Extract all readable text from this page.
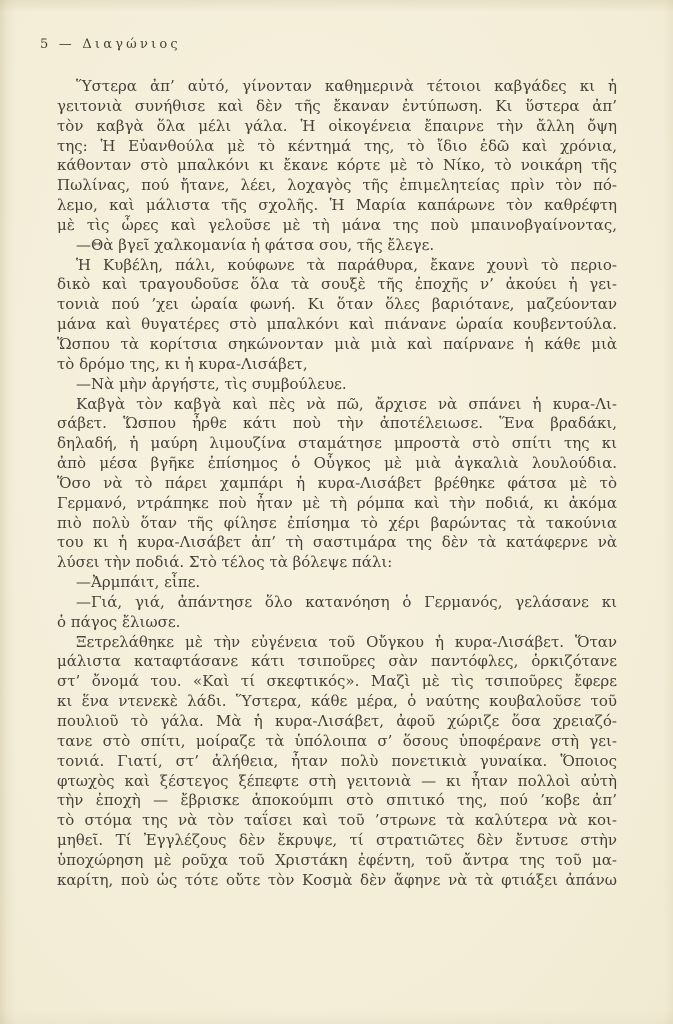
5 — Διαγώνιος
Ὕστερα ἀπ’ αὐτό, γίνονταν καθημερινὰ τέτοιοι καβγάδες κι ἡ
γειτονιὰ συνήθισε καὶ δὲν τῆς ἔκαναν ἐντύπωση. Κι ὕστερα ἀπ’
τὸν καβγὰ ὅλα μέλι γάλα. Ἡ οἰκογένεια ἔπαιρνε τὴν ἄλλη ὄψη
της: Ἡ Εὐανθούλα μὲ τὸ κέντημά της, τὸ ἴδιο ἐδῶ καὶ χρόνια,
κάθονταν στὸ μπαλκόνι κι ἔκανε κόρτε μὲ τὸ Νίκο, τὸ νοικάρη τῆς
Πωλίνας, πού ἤτανε, λέει, λοχαγὸς τῆς ἐπιμελητείας πρὶν τὸν πό-
λεμο, καὶ μάλιστα τῆς σχολῆς. Ἡ Μαρία καπάρωνε τὸν καθρέφτη
μὲ τὶς ὧρες καὶ γελοῦσε μὲ τὴ μάνα της ποὺ μπαινοβγαίνοντας,
—Θὰ βγεῖ χαλκομανία ἡ φάτσα σου, τῆς ἔλεγε.
Ἡ Κυβέλη, πάλι, κούφωνε τὰ παράθυρα, ἔκανε χουνὶ τὸ περιο-
δικὸ καὶ τραγουδοῦσε ὅλα τὰ σουξὲ τῆς ἐποχῆς ν’ ἀκούει ἡ γει-
τονιὰ πού ’χει ὡραία φωνή. Κι ὅταν ὅλες βαριότανε, μαζεύονταν
μάνα καὶ θυγατέρες στὸ μπαλκόνι καὶ πιάνανε ὡραία κουβεντούλα.
Ὥσπου τὰ κορίτσια σηκώνονταν μιὰ μιὰ καὶ παίρνανε ἡ κάθε μιὰ
τὸ δρόμο της, κι ἡ κυρα-Λισάβετ,
—Νὰ μὴν ἀργήστε, τὶς συμβούλευε.
Καβγὰ τὸν καβγὰ καὶ πὲς νὰ πῶ, ἄρχισε νὰ σπάνει ἡ κυρα-Λι-
σάβετ. Ὥσπου ἦρθε κάτι ποὺ τὴν ἀποτέλειωσε. Ἕνα βραδάκι,
δηλαδή, ἡ μαύρη λιμουζίνα σταμάτησε μπροστὰ στὸ σπίτι της κι
ἀπὸ μέσα βγῆκε ἐπίσημος ὁ Οὖγκος μὲ μιὰ ἀγκαλιὰ λουλούδια.
Ὅσο νὰ τὸ πάρει χαμπάρι ἡ κυρα-Λισάβετ βρέθηκε φάτσα μὲ τὸ
Γερμανό, ντράπηκε ποὺ ἦταν μὲ τὴ ρόμπα καὶ τὴν ποδιά, κι ἀκόμα
πιὸ πολὺ ὅταν τῆς φίλησε ἐπίσημα τὸ χέρι βαρώντας τὰ τακούνια
του κι ἡ κυρα-Λισάβετ ἀπ’ τὴ σαστιμάρα της δὲν τὰ κατάφερνε νὰ
λύσει τὴν ποδιά. Στὸ τέλος τὰ βόλεψε πάλι:
—Ἀρμπάιτ, εἶπε.
—Γιά, γιά, ἀπάντησε ὅλο κατανόηση ὁ Γερμανός, γελάσανε κι
ὁ πάγος ἔλιωσε.
Ξετρελάθηκε μὲ τὴν εὐγένεια τοῦ Οὔγκου ἡ κυρα-Λισάβετ. Ὅταν
μάλιστα καταφτάσανε κάτι τσιποῦρες σὰν παντόφλες, ὁρκιζότανε
στ’ ὄνομά του. «Καὶ τί σκεφτικός». Μαζὶ μὲ τὶς τσιποῦρες ἔφερε
κι ἕνα ντενεκὲ λάδι. Ὕστερα, κάθε μέρα, ὁ ναύτης κουβαλοῦσε τοῦ
πουλιοῦ τὸ γάλα. Μὰ ἡ κυρα-Λισάβετ, ἀφοῦ χώριζε ὅσα χρειαζό-
τανε στὸ σπίτι, μοίραζε τὰ ὑπόλοιπα σ’ ὅσους ὑποφέρανε στὴ γει-
τονιά. Γιατί, στ’ ἀλήθεια, ἦταν πολὺ πονετικιὰ γυναίκα. Ὅποιος
φτωχὸς καὶ ξέστεγος ξέπεφτε στὴ γειτονιὰ — κι ἦταν πολλοὶ αὐτὴ
τὴν ἐποχὴ — ἔβρισκε ἀποκούμπι στὸ σπιτικό της, πού ’κοβε ἀπ’
τὸ στόμα της νὰ τὸν ταΐσει καὶ τοῦ ’στρωνε τὰ καλύτερα νὰ κοι-
μηθεῖ. Τί Ἐγγλέζους δὲν ἔκρυψε, τί στρατιῶτες δὲν ἔντυσε στὴν
ὑποχώρηση μὲ ροῦχα τοῦ Χριστάκη ἐφέντη, τοῦ ἄντρα της τοῦ μα-
καρίτη, ποὺ ὡς τότε οὔτε τὸν Κοσμὰ δὲν ἄφηνε νὰ τὰ φτιάξει ἀπάνω
